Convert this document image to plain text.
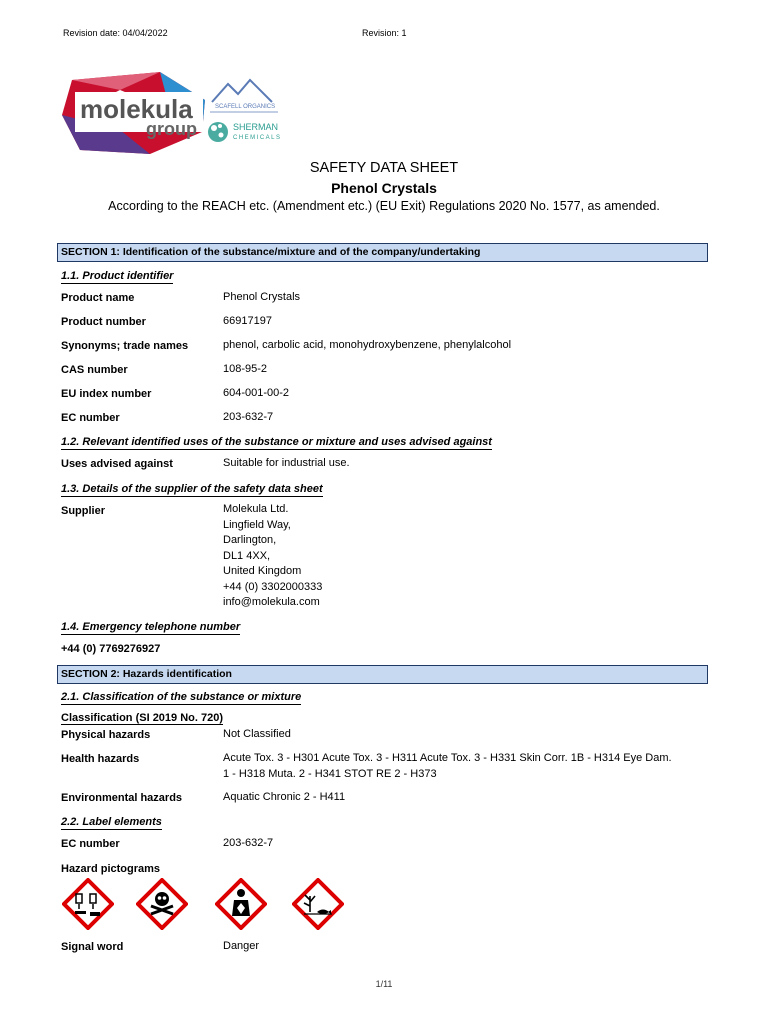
Revision date: 04/04/2022	Revision: 1
molekula
group
SCAFELL ORGANICS
SHERMAN
CHEMICALS
SAFETY DATA SHEET
Phenol Crystals
According to the REACH etc. (Amendment etc.) (EU Exit) Regulations 2020 No. 1577, as amended.
SECTION 1: Identification of the substance/mixture and of the company/undertaking
1.1. Product identifier
Product name	Phenol Crystals
Product number	66917197
Synonyms; trade names	phenol, carbolic acid, monohydroxybenzene, phenylalcohol
CAS number	108-95-2
EU index number	604-001-00-2
EC number	203-632-7
1.2. Relevant identified uses of the substance or mixture and uses advised against
Uses advised against	Suitable for industrial use.
1.3. Details of the supplier of the safety data sheet
Supplier	Molekula Ltd.
Lingfield Way,
Darlington,
DL1 4XX,
United Kingdom
+44 (0) 3302000333
info@molekula.com
1.4. Emergency telephone number
+44 (0) 7769276927
SECTION 2: Hazards identification
2.1. Classification of the substance or mixture
Classification (SI 2019 No. 720)
Physical hazards	Not Classified
Health hazards	Acute Tox. 3 - H301 Acute Tox. 3 - H311 Acute Tox. 3 - H331 Skin Corr. 1B - H314 Eye Dam.
1 - H318 Muta. 2 - H341 STOT RE 2 - H373
Environmental hazards	Aquatic Chronic 2 - H411
2.2. Label elements
EC number	203-632-7
Hazard pictograms
Signal word	Danger
1/11
